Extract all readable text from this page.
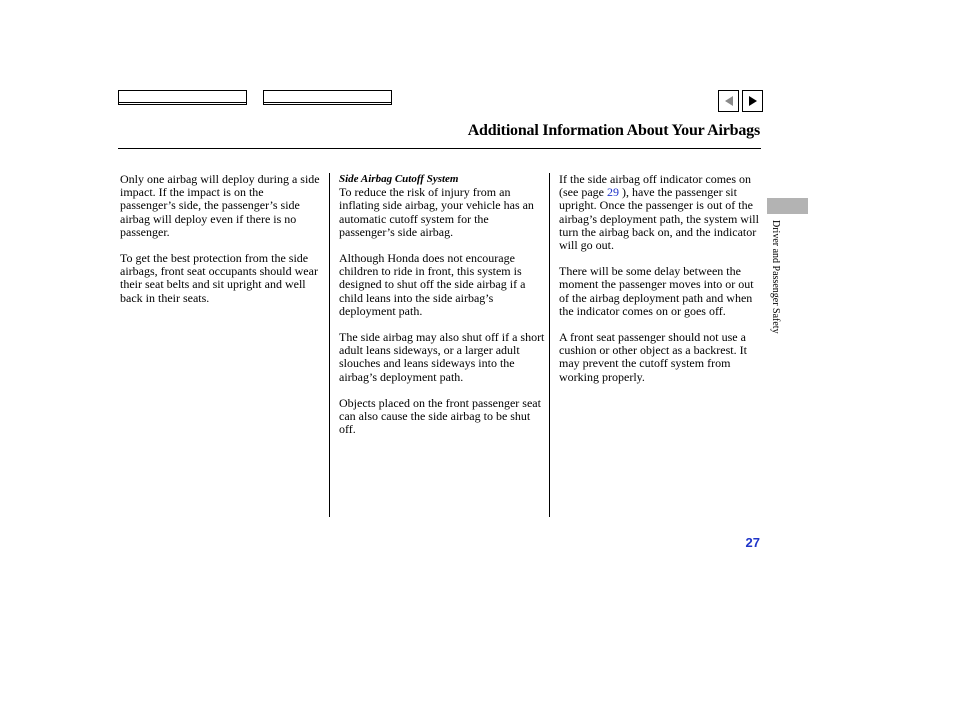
Additional Information About Your Airbags

Only one airbag will deploy during a side impact. If the impact is on the passenger’s side, the passenger’s side airbag will deploy even if there is no passenger.

To get the best protection from the side airbags, front seat occupants should wear their seat belts and sit upright and well back in their seats.

Side Airbag Cutoff System

To reduce the risk of injury from an inflating side airbag, your vehicle has an automatic cutoff system for the passenger’s side airbag.

Although Honda does not encourage children to ride in front, this system is designed to shut off the side airbag if a child leans into the side airbag’s deployment path.

The side airbag may also shut off if a short adult leans sideways, or a larger adult slouches and leans sideways into the airbag’s deployment path.

Objects placed on the front passenger seat can also cause the side airbag to be shut off.

If the side airbag off indicator comes on (see page 29 ), have the passenger sit upright. Once the passenger is out of the airbag’s deployment path, the system will turn the airbag back on, and the indicator will go out.

There will be some delay between the moment the passenger moves into or out of the airbag deployment path and when the indicator comes on or goes off.

A front seat passenger should not use a cushion or other object as a backrest. It may prevent the cutoff system from working properly.

Driver and Passenger Safety
27
